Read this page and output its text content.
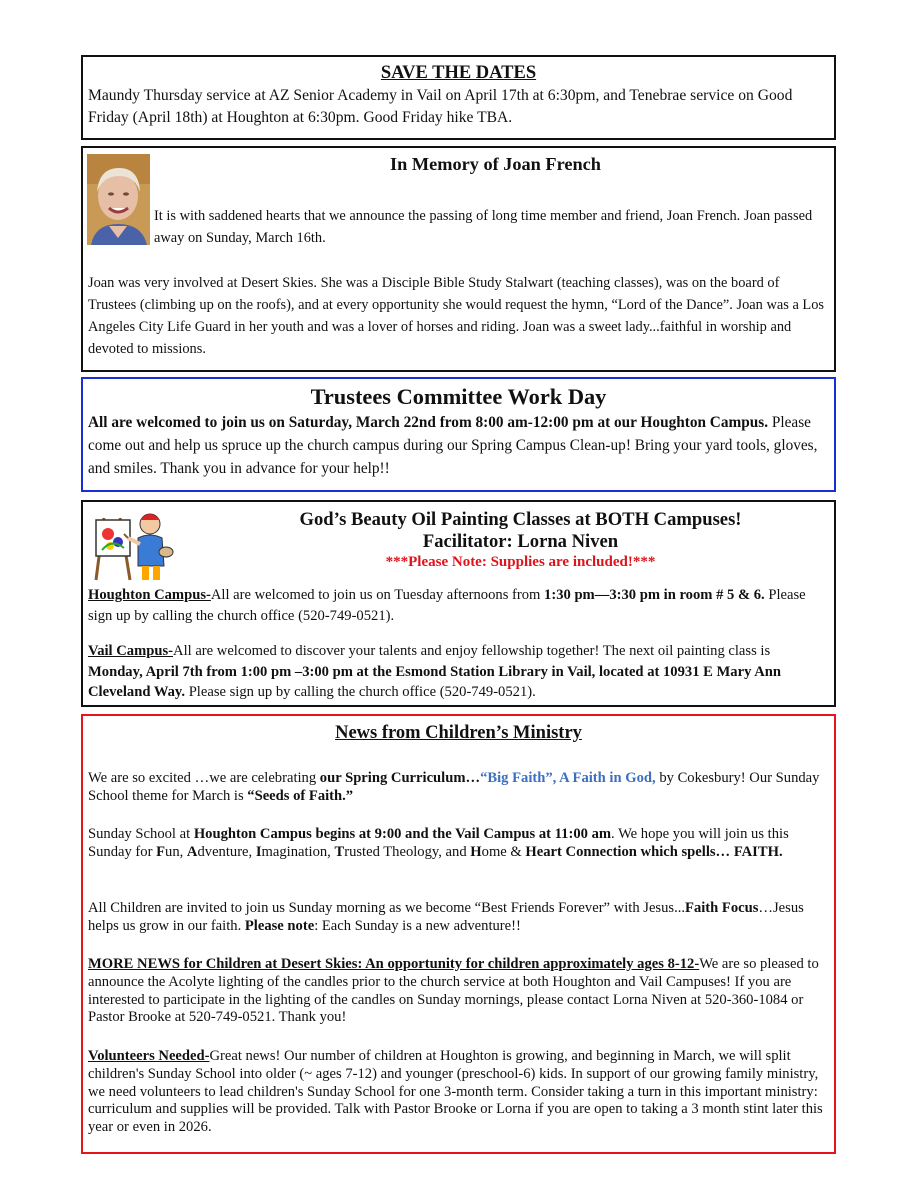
SAVE THE DATES

Maundy Thursday service at AZ Senior Academy in Vail on April 17th at 6:30pm, and Tenebrae service on Good Friday (April 18th) at Houghton at 6:30pm. Good Friday hike TBA.

In Memory of Joan French

It is with saddened hearts that we announce the passing of long time member and friend, Joan French. Joan passed away on Sunday, March 16th.

Joan was very involved at Desert Skies. She was a Disciple Bible Study Stalwart (teaching classes), was on the board of Trustees (climbing up on the roofs), and at every opportunity she would request the hymn, “Lord of the Dance”. Joan was a Los Angeles City Life Guard in her youth and was a lover of horses and riding. Joan was a sweet lady...faithful in worship and devoted to missions.

Trustees Committee Work Day

All are welcomed to join us on Saturday, March 22nd from 8:00 am-12:00 pm at our Houghton Campus. Please come out and help us spruce up the church campus during our Spring Campus Clean-up! Bring your yard tools, gloves, and smiles. Thank you in advance for your help!!

God’s Beauty Oil Painting Classes at BOTH Campuses!
Facilitator: Lorna Niven
***Please Note: Supplies are included!***

Houghton Campus-All are welcomed to join us on Tuesday afternoons from 1:30 pm—3:30 pm in room # 5 & 6. Please sign up by calling the church office (520-749-0521).

Vail Campus-All are welcomed to discover your talents and enjoy fellowship together! The next oil painting class is Monday, April 7th from 1:00 pm –3:00 pm at the Esmond Station Library in Vail, located at 10931 E Mary Ann Cleveland Way. Please sign up by calling the church office (520-749-0521).

News from Children’s Ministry

We are so excited …we are celebrating our Spring Curriculum…“Big Faith”, A Faith in God, by Cokesbury! Our Sunday School theme for March is “Seeds of Faith.”

Sunday School at Houghton Campus begins at 9:00 and the Vail Campus at 11:00 am. We hope you will join us this Sunday for Fun, Adventure, Imagination, Trusted Theology, and Home & Heart Connection which spells… FAITH.

All Children are invited to join us Sunday morning as we become “Best Friends Forever” with Jesus...Faith Focus…Jesus helps us grow in our faith. Please note: Each Sunday is a new adventure!!

MORE NEWS for Children at Desert Skies: An opportunity for children approximately ages 8-12-We are so pleased to announce the Acolyte lighting of the candles prior to the church service at both Houghton and Vail Campuses! If you are interested to participate in the lighting of the candles on Sunday mornings, please contact Lorna Niven at 520-360-1084 or Pastor Brooke at 520-749-0521. Thank you!

Volunteers Needed-Great news! Our number of children at Houghton is growing, and beginning in March, we will split children's Sunday School into older (~ ages 7-12) and younger (preschool-6) kids. In support of our growing family ministry, we need volunteers to lead children's Sunday School for one 3-month term. Consider taking a turn in this important ministry: curriculum and supplies will be provided. Talk with Pastor Brooke or Lorna if you are open to taking a 3 month stint later this year or even in 2026.
